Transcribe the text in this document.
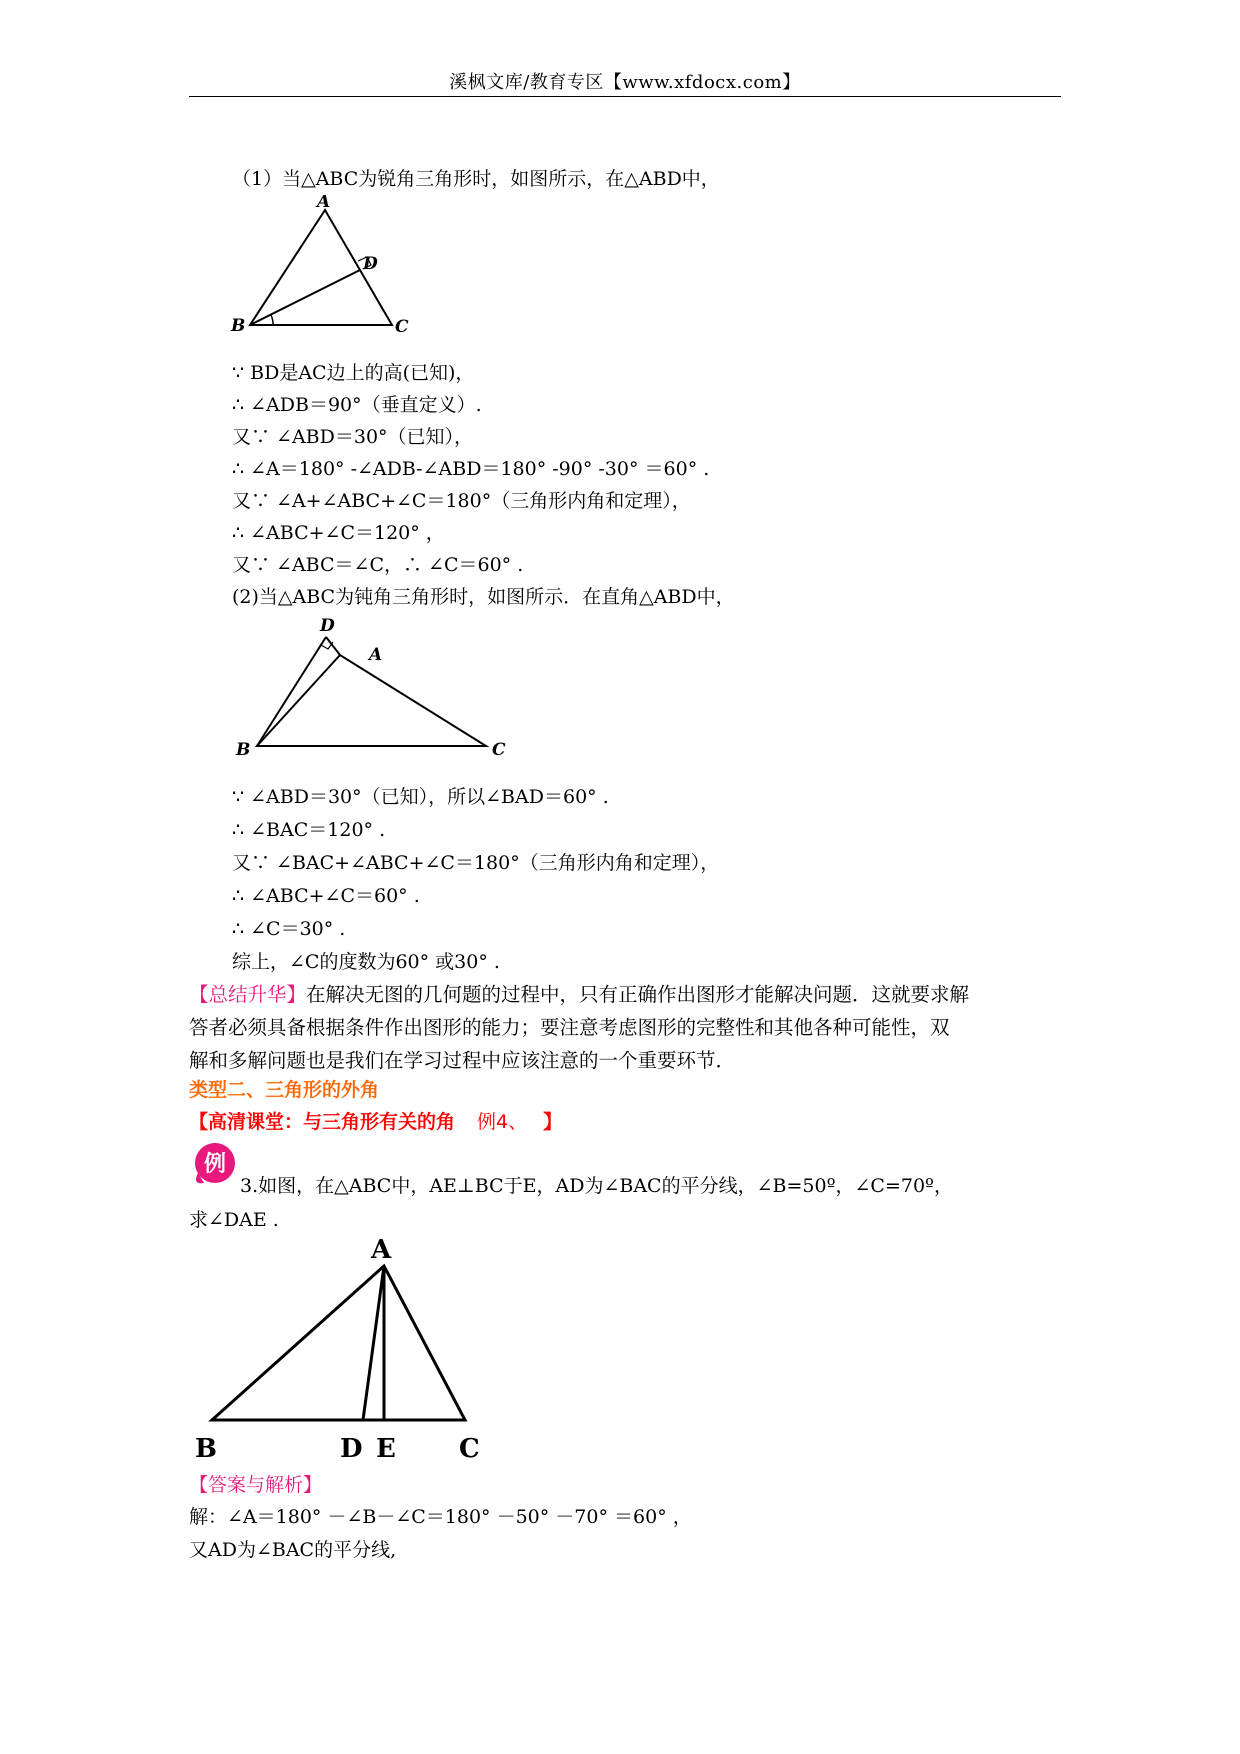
溪枫文库/教育专区【www.xfdocx.com】
（1）当△ABC为锐角三角形时，如图所示，在△ABD中，
A
D
B	C
∵ BD是AC边上的高(已知)，
∴ ∠ADB＝90°（垂直定义）.
又∵ ∠ABD＝30°（已知），
∴ ∠A＝180° -∠ADB-∠ABD＝180° -90° -30° ＝60° .
又∵ ∠A+∠ABC+∠C＝180°（三角形内角和定理），
∴ ∠ABC+∠C＝120° ，
又∵ ∠ABC＝∠C，∴ ∠C＝60° .
(2)当△ABC为钝角三角形时，如图所示．在直角△ABD中，
D
A
B	C
∵ ∠ABD＝30°（已知），所以∠BAD＝60° .
∴ ∠BAC＝120° .
又∵ ∠BAC+∠ABC+∠C＝180°（三角形内角和定理），
∴ ∠ABC+∠C＝60° .
∴ ∠C＝30° .
综上，∠C的度数为60° 或30° .
【总结升华】在解决无图的几何题的过程中，只有正确作出图形才能解决问题．这就要求解
答者必须具备根据条件作出图形的能力；要注意考虑图形的完整性和其他各种可能性，双
解和多解问题也是我们在学习过程中应该注意的一个重要环节．
类型二、三角形的外角
【高清课堂：与三角形有关的角 例4、 】
例
3.如图，在△ABC中，AE⊥BC于E，AD为∠BAC的平分线，∠B=50º，∠C=70º，
求∠DAE .
A
B	D E C
【答案与解析】
解：∠A＝180° －∠B－∠C＝180° －50° －70° ＝60° ，
又AD为∠BAC的平分线,
